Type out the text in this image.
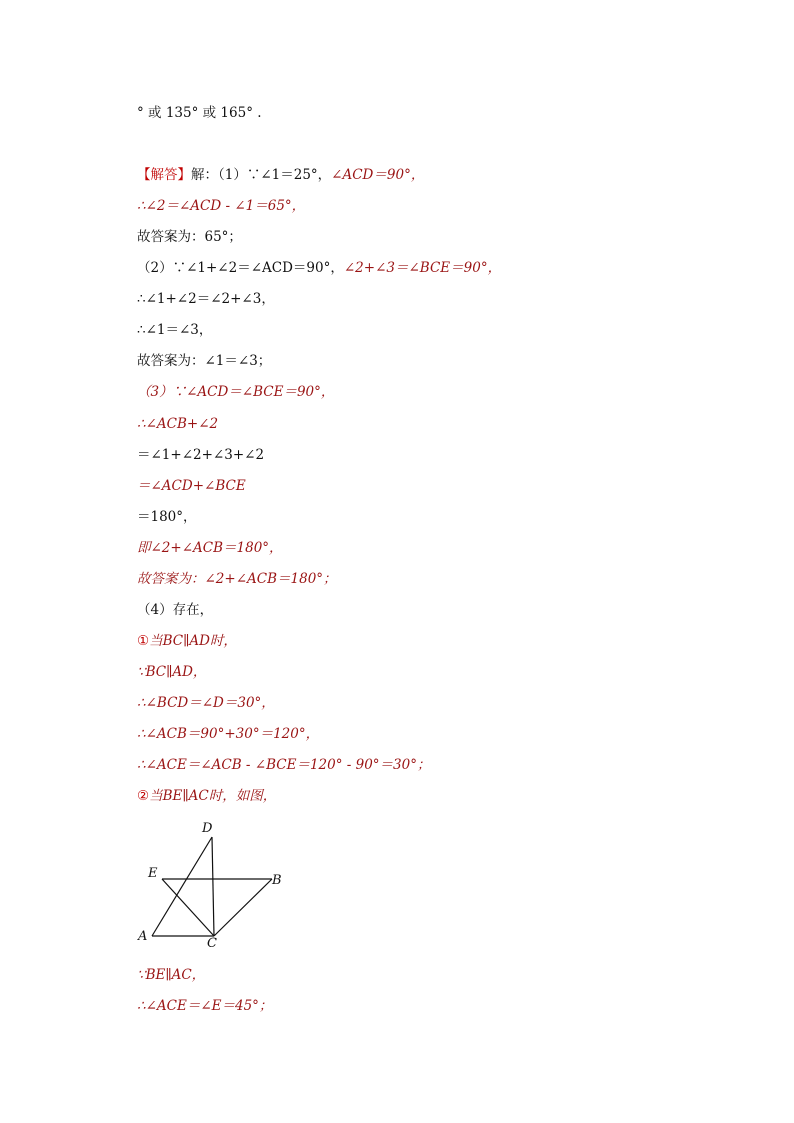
° 或 135° 或 165° .
【解答】解：（1）∵∠1＝25°，∠ACD＝90°，
∴∠2＝∠ACD - ∠1＝65°，
故答案为：65°；
（2）∵∠1+∠2＝∠ACD＝90°，∠2+∠3＝∠BCE＝90°，
∴∠1+∠2＝∠2+∠3，
∴∠1＝∠3，
故答案为：∠1＝∠3；
（3）∵∠ACD＝∠BCE＝90°，
∴∠ACB+∠2
＝∠1+∠2+∠3+∠2
＝∠ACD+∠BCE
＝180°，
即∠2+∠ACB＝180°，
故答案为：∠2+∠ACB＝180°；
（4）存在，
①当BC∥AD时，
∵BC∥AD，
∴∠BCD＝∠D＝30°，
∴∠ACB＝90°+30°＝120°，
∴∠ACE＝∠ACB - ∠BCE＝120° - 90°＝30°；
②当BE∥AC时，如图，
∵BE∥AC，
∴∠ACE＝∠E＝45°；
D
E	B
A	C
